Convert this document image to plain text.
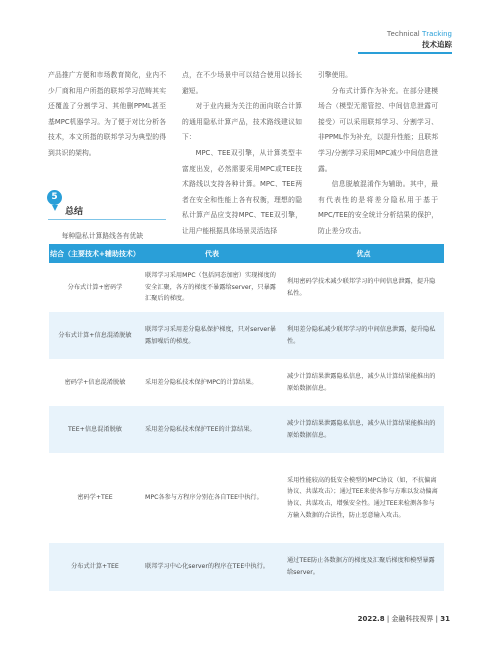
Technical Tracking
技术追踪

产品推广方便和市场教育简化，业内不少厂商和用户所指的联邦学习范畴其实还覆盖了分割学习、其他删PPML甚至基MPC机器学习。为了便于对比分析各技术，本文所指的联邦学习为典型的得到共识的架构。

5
总结

每种隐私计算路线各有优缺

点，在不少场景中可以结合使用以扬长避短。

对于业内最为关注的面向联合计算的通用隐私计算产品，技术路线建议如下：

MPC、TEE双引擎，从计算类型丰富度出发，必然需要采用MPC或TEE技术路线以支持各种计算。MPC、TEE两者在安全和性能上各有权衡，理想的隐私计算产品应支持MPC、TEE双引擎，让用户能根据具体场景灵活选择

引擎使用。

分布式计算作为补充。在部分建模场合（模型无需管控、中间信息泄露可接受）可以采用联邦学习、分割学习、非PPML作为补充，以提升性能；且联邦学习/分割学习采用MPC减少中间信息泄露。

信息脱敏混淆作为辅助。其中，最有代表性的是将差分隐私用于基于MPC/TEE的安全统计分析结果的保护，防止差分攻击。

结合（主要技术+辅助技术）	代表	优点
分布式计算+密码学	联邦学习采用MPC（包括同态加密）实现梯度的安全汇聚，各方的梯度不暴露给server，只暴露汇聚后的梯度。	利用密码学技术减少联邦学习的中间信息泄露，提升隐私性。
分布式计算+信息混淆脱敏	联邦学习采用差分隐私保护梯度，只对server暴露加噪后的梯度。	利用差分隐私减少联邦学习的中间信息泄露，提升隐私性。
密码学+信息混淆脱敏	采用差分隐私技术保护MPC的计算结果。	减少计算结果泄露隐私信息，减少从计算结果能推出的原始数据信息。
TEE+信息混淆脱敏	采用差分隐私技术保护TEE的计算结果。	减少计算结果泄露隐私信息，减少从计算结果能推出的原始数据信息。
密码学+TEE	MPC各参与方程序分别在各自TEE中执行。	采用性能较高的低安全模型的MPC协议（如，不抗偏离协议、共谋攻击）；通过TEE来使各参与方难以发动偏离协议、共谋攻击，增强安全性。通过TEE来检测各参与方输入数据的合法性，防止恶意输入攻击。
分布式计算+TEE	联邦学习中心化server的程序在TEE中执行。	通过TEE防止各数据方的梯度及汇聚后梯度和模型暴露给server。
2022.8 | 金融科技视界 | 31
